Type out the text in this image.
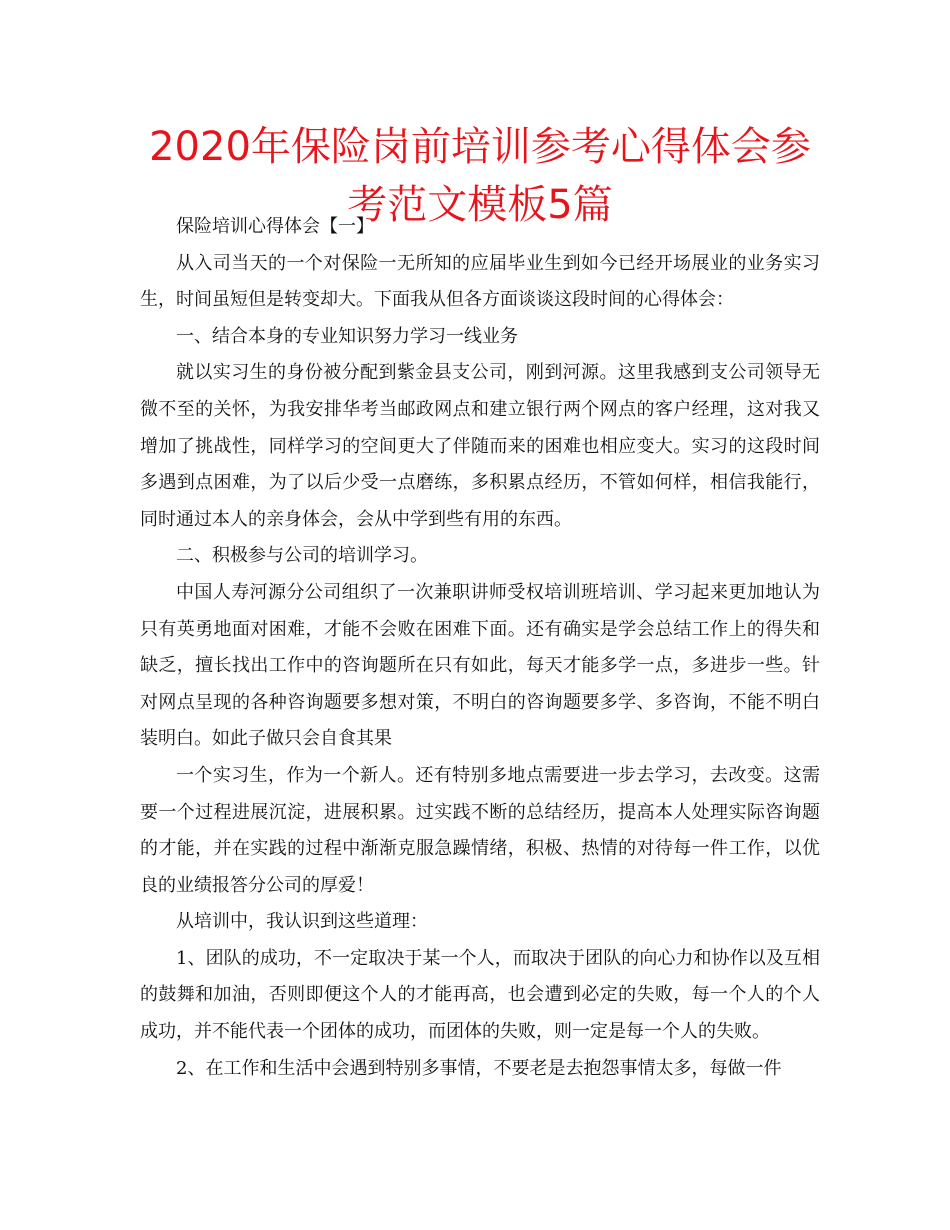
2020年保险岗前培训参考心得体会参考范文模板5篇

保险培训心得体会【一】

从入司当天的一个对保险一无所知的应届毕业生到如今已经开场展业的业务实习生，时间虽短但是转变却大。下面我从但各方面谈谈这段时间的心得体会：

一、结合本身的专业知识努力学习一线业务

就以实习生的身份被分配到紫金县支公司，刚到河源。这里我感到支公司领导无微不至的关怀，为我安排华考当邮政网点和建立银行两个网点的客户经理，这对我又增加了挑战性，同样学习的空间更大了伴随而来的困难也相应变大。实习的这段时间多遇到点困难，为了以后少受一点磨练，多积累点经历，不管如何样，相信我能行，同时通过本人的亲身体会，会从中学到些有用的东西。

二、积极参与公司的培训学习。

中国人寿河源分公司组织了一次兼职讲师受权培训班培训、学习起来更加地认为只有英勇地面对困难，才能不会败在困难下面。还有确实是学会总结工作上的得失和缺乏，擅长找出工作中的咨询题所在只有如此，每天才能多学一点，多进步一些。针对网点呈现的各种咨询题要多想对策，不明白的咨询题要多学、多咨询，不能不明白装明白。如此子做只会自食其果

一个实习生，作为一个新人。还有特别多地点需要进一步去学习，去改变。这需要一个过程进展沉淀，进展积累。过实践不断的总结经历，提高本人处理实际咨询题的才能，并在实践的过程中渐渐克服急躁情绪，积极、热情的对待每一件工作，以优良的业绩报答分公司的厚爱！

从培训中，我认识到这些道理：

1、团队的成功，不一定取决于某一个人，而取决于团队的向心力和协作以及互相的鼓舞和加油，否则即便这个人的才能再高，也会遭到必定的失败，每一个人的个人成功，并不能代表一个团体的成功，而团体的失败，则一定是每一个人的失败。

2、在工作和生活中会遇到特别多事情，不要老是去抱怨事情太多，每做一件
